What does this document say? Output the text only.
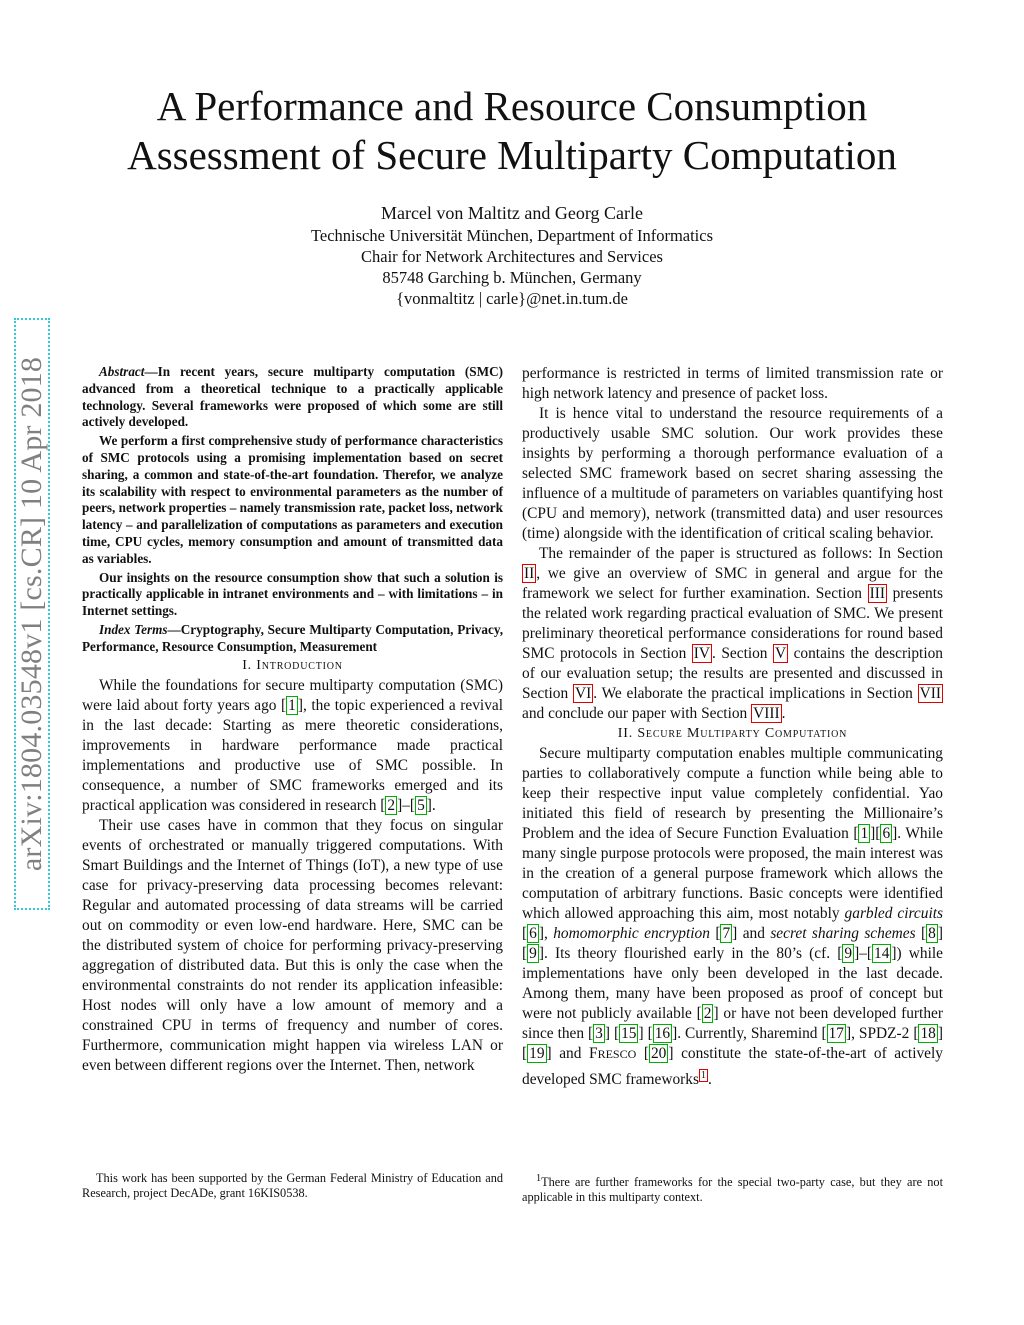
arXiv:1804.03548v1 [cs.CR] 10 Apr 2018
A Performance and Resource Consumption
Assessment of Secure Multiparty Computation
Marcel von Maltitz and Georg Carle
Technische Universität München, Department of Informatics
Chair for Network Architectures and Services
85748 Garching b. München, Germany
{vonmaltitz | carle}@net.in.tum.de

Abstract—In recent years, secure multiparty computation (SMC) advanced from a theoretical technique to a practically applicable technology. Several frameworks were proposed of which some are still actively developed.

We perform a first comprehensive study of performance characteristics of SMC protocols using a promising implementation based on secret sharing, a common and state-of-the-art foundation. Therefor, we analyze its scalability with respect to environmental parameters as the number of peers, network properties – namely transmission rate, packet loss, network latency – and parallelization of computations as parameters and execution time, CPU cycles, memory consumption and amount of transmitted data as variables.

Our insights on the resource consumption show that such a solution is practically applicable in intranet environments and – with limitations – in Internet settings.

Index Terms—Cryptography, Secure Multiparty Computation, Privacy, Performance, Resource Consumption, Measurement

I. Introduction

While the foundations for secure multiparty computation (SMC) were laid about forty years ago [ 1 ], the topic experienced a revival in the last decade: Starting as mere theoretic considerations, improvements in hardware performance made practical implementations and productive use of SMC possible. In consequence, a number of SMC frameworks emerged and its practical application was considered in research [ 2 ]–[ 5 ].

Their use cases have in common that they focus on singular events of orchestrated or manually triggered computations. With Smart Buildings and the Internet of Things (IoT), a new type of use case for privacy-preserving data processing becomes relevant: Regular and automated processing of data streams will be carried out on commodity or even low-end hardware. Here, SMC can be the distributed system of choice for performing privacy-preserving aggregation of distributed data. But this is only the case when the environmental constraints do not render its application infeasible: Host nodes will only have a low amount of memory and a constrained CPU in terms of frequency and number of cores. Furthermore, communication might happen via wireless LAN or even between different regions over the Internet. Then, network

performance is restricted in terms of limited transmission rate or high network latency and presence of packet loss.

It is hence vital to understand the resource requirements of a productively usable SMC solution. Our work provides these insights by performing a thorough performance evaluation of a selected SMC framework based on secret sharing assessing the influence of a multitude of parameters on variables quantifying host (CPU and memory), network (transmitted data) and user resources (time) alongside with the identification of critical scaling behavior.

The remainder of the paper is structured as follows: In Section II , we give an overview of SMC in general and argue for the framework we select for further examination. Section III presents the related work regarding practical evaluation of SMC. We present preliminary theoretical performance considerations for round based SMC protocols in Section IV . Section V contains the description of our evaluation setup; the results are presented and discussed in Section VI . We elaborate the practical implications in Section VII and conclude our paper with Section VIII .

II. Secure Multiparty Computation

Secure multiparty computation enables multiple communicating parties to collaboratively compute a function while being able to keep their respective input value completely confidential. Yao initiated this field of research by presenting the Millionaire’s Problem and the idea of Secure Function Evaluation [ 1 ][ 6 ]. While many single purpose protocols were proposed, the main interest was in the creation of a general purpose framework which allows the computation of arbitrary functions. Basic concepts were identified which allowed approaching this aim, most notably garbled circuits [ 6 ], homomorphic encryption [ 7 ] and secret sharing schemes [ 8 ] [ 9 ]. Its theory flourished early in the 80’s (cf. [ 9 ]–[ 14 ]) while implementations have only been developed in the last decade. Among them, many have been proposed as proof of concept but were not publicly available [ 2 ] or have not been developed further since then [ 3 ] [ 15 ] [ 16 ]. Currently, Sharemind [ 17 ], SPDZ-2 [ 18 ] [ 19 ] and FRESCO [ 20 ] constitute the state-of-the-art of actively developed SMC frameworks $^1$ .

This work has been supported by the German Federal Ministry of Education and Research, project DecADe, grant 16KIS0538.

$^1$There are further frameworks for the special two-party case, but they are not applicable in this multiparty context.
